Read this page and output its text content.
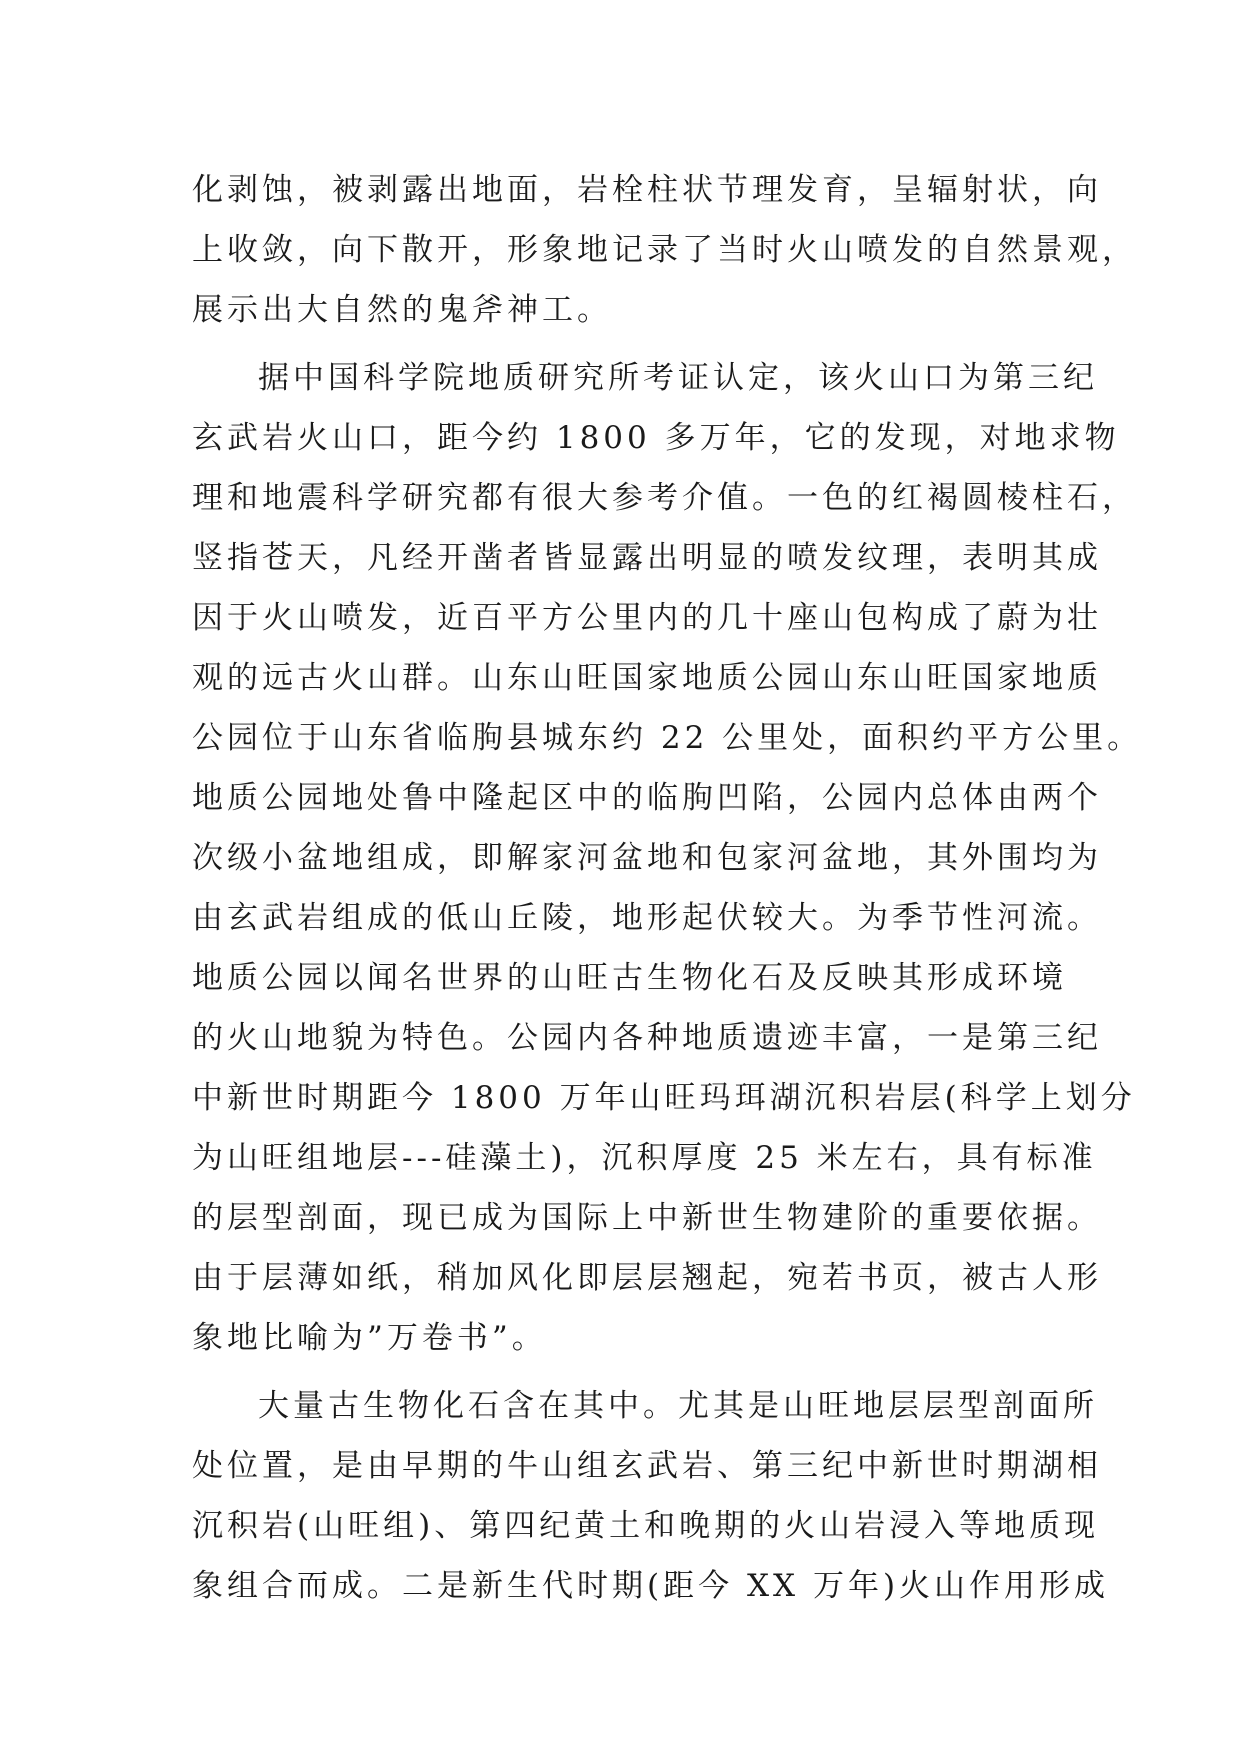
化剥蚀，被剥露出地面，岩栓柱状节理发育，呈辐射状，向
上收敛，向下散开，形象地记录了当时火山喷发的自然景观，
展示出大自然的鬼斧神工。
据中国科学院地质研究所考证认定，该火山口为第三纪
玄武岩火山口，距今约 1800 多万年，它的发现，对地求物
理和地震科学研究都有很大参考介值。一色的红褐圆棱柱石，
竖指苍天，凡经开凿者皆显露出明显的喷发纹理，表明其成
因于火山喷发，近百平方公里内的几十座山包构成了蔚为壮
观的远古火山群。山东山旺国家地质公园山东山旺国家地质
公园位于山东省临朐县城东约 22 公里处，面积约平方公里。
地质公园地处鲁中隆起区中的临朐凹陷，公园内总体由两个
次级小盆地组成，即解家河盆地和包家河盆地，其外围均为
由玄武岩组成的低山丘陵，地形起伏较大。为季节性河流。
地质公园以闻名世界的山旺古生物化石及反映其形成环境
的火山地貌为特色。公园内各种地质遗迹丰富，一是第三纪
中新世时期距今 1800 万年山旺玛珥湖沉积岩层(科学上划分
为山旺组地层---硅藻土)，沉积厚度 25 米左右，具有标准
的层型剖面，现已成为国际上中新世生物建阶的重要依据。
由于层薄如纸，稍加风化即层层翘起，宛若书页，被古人形
象地比喻为”万卷书”。
大量古生物化石含在其中。尤其是山旺地层层型剖面所
处位置，是由早期的牛山组玄武岩、第三纪中新世时期湖相
沉积岩(山旺组)、第四纪黄土和晚期的火山岩浸入等地质现
象组合而成。二是新生代时期(距今 XX 万年)火山作用形成
